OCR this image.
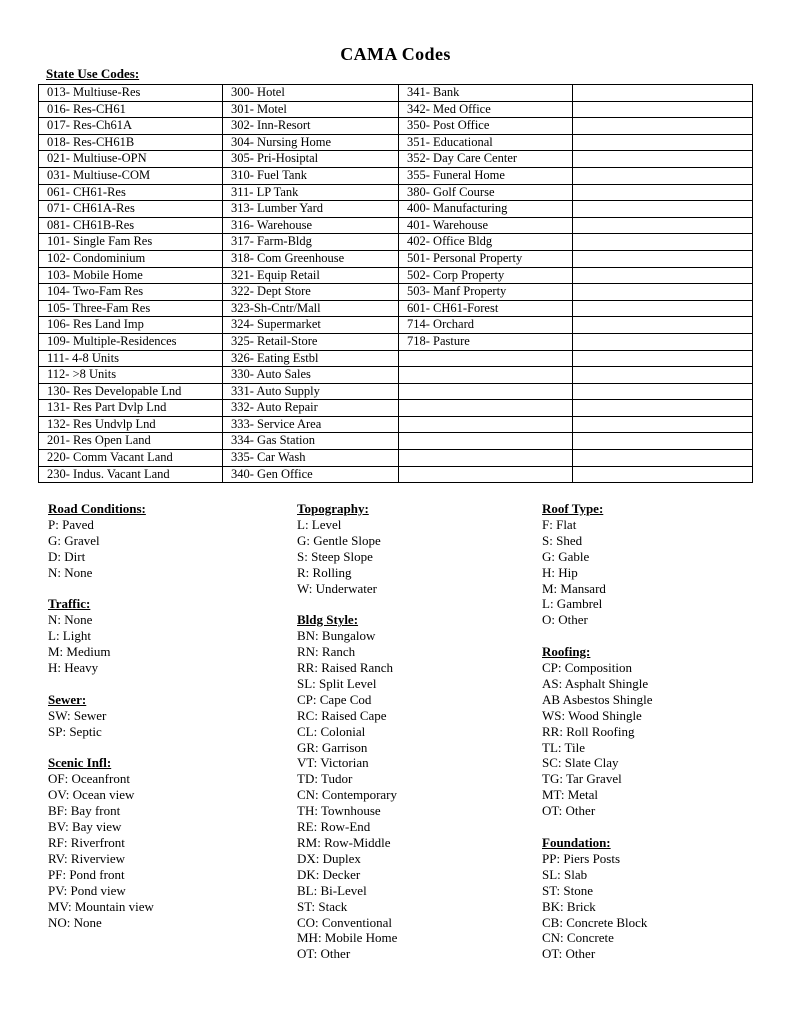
CAMA Codes
State Use Codes:
013- Multiuse-Res	300- Hotel	341- Bank	
016- Res-CH61	301- Motel	342- Med Office	
017- Res-Ch61A	302- Inn-Resort	350- Post Office	
018- Res-CH61B	304- Nursing Home	351- Educational	
021- Multiuse-OPN	305- Pri-Hosiptal	352- Day Care Center	
031- Multiuse-COM	310- Fuel Tank	355- Funeral Home	
061- CH61-Res	311- LP Tank	380- Golf Course	
071- CH61A-Res	313- Lumber Yard	400- Manufacturing	
081- CH61B-Res	316- Warehouse	401- Warehouse	
101- Single Fam Res	317- Farm-Bldg	402- Office Bldg	
102- Condominium	318- Com Greenhouse	501- Personal Property	
103- Mobile Home	321- Equip Retail	502- Corp Property	
104- Two-Fam Res	322- Dept Store	503- Manf Property	
105- Three-Fam Res	323-Sh-Cntr/Mall	601- CH61-Forest	
106- Res Land Imp	324- Supermarket	714- Orchard	
109- Multiple-Residences	325- Retail-Store	718- Pasture	
111- 4-8 Units	326- Eating Estbl		
112- >8 Units	330- Auto Sales		
130- Res Developable Lnd	331- Auto Supply		
131- Res Part Dvlp Lnd	332- Auto Repair		
132- Res Undvlp Lnd	333- Service Area		
201- Res Open Land	334- Gas Station		
220- Comm Vacant Land	335- Car Wash		
230- Indus. Vacant Land	340- Gen Office		
Road Conditions:
P: Paved
G: Gravel
D: Dirt
N: None
Traffic:
N: None
L: Light
M: Medium
H: Heavy
Sewer:
SW: Sewer
SP: Septic
Scenic Infl:
OF: Oceanfront
OV: Ocean view
BF: Bay front
BV: Bay view
RF: Riverfront
RV: Riverview
PF: Pond front
PV: Pond view
MV: Mountain view
NO: None
Topography:
L: Level
G: Gentle Slope
S: Steep Slope
R: Rolling
W: Underwater
Bldg Style:
BN: Bungalow
RN: Ranch
RR: Raised Ranch
SL: Split Level
CP: Cape Cod
RC: Raised Cape
CL: Colonial
GR: Garrison
VT: Victorian
TD: Tudor
CN: Contemporary
TH: Townhouse
RE: Row-End
RM: Row-Middle
DX: Duplex
DK: Decker
BL: Bi-Level
ST: Stack
CO: Conventional
MH: Mobile Home
OT: Other
Roof Type:
F: Flat
S: Shed
G: Gable
H: Hip
M: Mansard
L: Gambrel
O: Other
Roofing:
CP: Composition
AS: Asphalt Shingle
AB Asbestos Shingle
WS: Wood Shingle
RR: Roll Roofing
TL: Tile
SC: Slate Clay
TG: Tar Gravel
MT: Metal
OT: Other
Foundation:
PP: Piers Posts
SL: Slab
ST: Stone
BK: Brick
CB: Concrete Block
CN: Concrete
OT: Other
